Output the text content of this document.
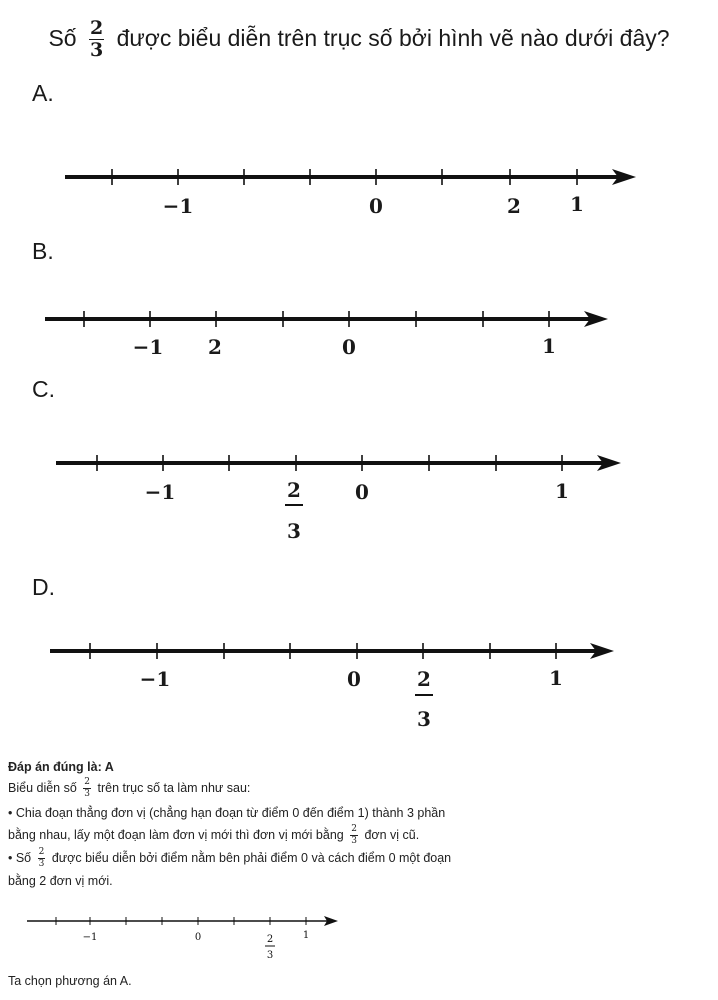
Số $\frac{2}{3}$ được biểu diễn trên trục số bởi hình vẽ nào dưới đây?
A.
−1	0	2 1
B.
−1 2	0	1
C.
−1	2
3
0	1
D.
−1	0	2
3
1
Đáp án đúng là: A
Biểu diễn số $\frac{2}{3}$ trên trục số ta làm như sau:
• Chia đoạn thẳng đơn vị (chẳng hạn đoạn từ điểm 0 đến điểm 1) thành 3 phần
bằng nhau, lấy một đoạn làm đơn vị mới thì đơn vị mới bằng $\frac{2}{3}$ đơn vị cũ.
• Số $\frac{2}{3}$ được biểu diễn bởi điểm nằm bên phải điểm 0 và cách điểm 0 một đoạn
bằng 2 đơn vị mới.
−1	0	2
3
1
Ta chọn phương án A.
